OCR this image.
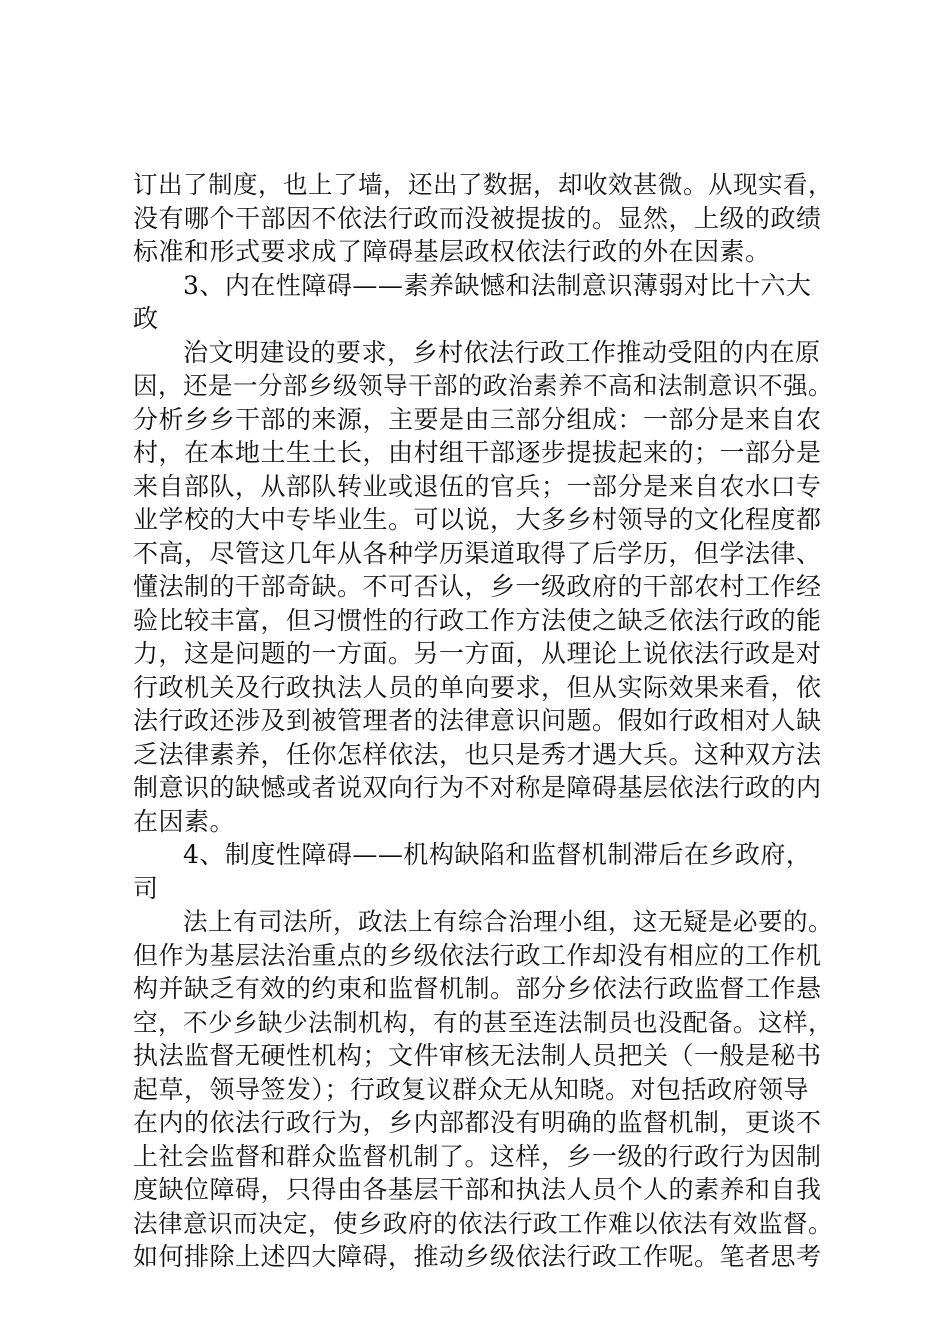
订出了制度，也上了墙，还出了数据，却收效甚微。从现实看，
没有哪个干部因不依法行政而没被提拔的。显然，上级的政绩
标准和形式要求成了障碍基层政权依法行政的外在因素。
3、内在性障碍——素养缺憾和法制意识薄弱对比十六大
政
治文明建设的要求，乡村依法行政工作推动受阻的内在原
因，还是一分部乡级领导干部的政治素养不高和法制意识不强。
分析乡乡干部的来源，主要是由三部分组成：一部分是来自农
村，在本地土生土长，由村组干部逐步提拔起来的；一部分是
来自部队，从部队转业或退伍的官兵；一部分是来自农水口专
业学校的大中专毕业生。可以说，大多乡村领导的文化程度都
不高，尽管这几年从各种学历渠道取得了后学历，但学法律、
懂法制的干部奇缺。不可否认，乡一级政府的干部农村工作经
验比较丰富，但习惯性的行政工作方法使之缺乏依法行政的能
力，这是问题的一方面。另一方面，从理论上说依法行政是对
行政机关及行政执法人员的单向要求，但从实际效果来看，依
法行政还涉及到被管理者的法律意识问题。假如行政相对人缺
乏法律素养，任你怎样依法，也只是秀才遇大兵。这种双方法
制意识的缺憾或者说双向行为不对称是障碍基层依法行政的内
在因素。
4、制度性障碍——机构缺陷和监督机制滞后在乡政府，
司
法上有司法所，政法上有综合治理小组，这无疑是必要的。
但作为基层法治重点的乡级依法行政工作却没有相应的工作机
构并缺乏有效的约束和监督机制。部分乡依法行政监督工作悬
空，不少乡缺少法制机构，有的甚至连法制员也没配备。这样，
执法监督无硬性机构；文件审核无法制人员把关（一般是秘书
起草，领导签发）；行政复议群众无从知晓。对包括政府领导
在内的依法行政行为，乡内部都没有明确的监督机制，更谈不
上社会监督和群众监督机制了。这样，乡一级的行政行为因制
度缺位障碍，只得由各基层干部和执法人员个人的素养和自我
法律意识而决定，使乡政府的依法行政工作难以依法有效监督。
如何排除上述四大障碍，推动乡级依法行政工作呢。笔者思考
